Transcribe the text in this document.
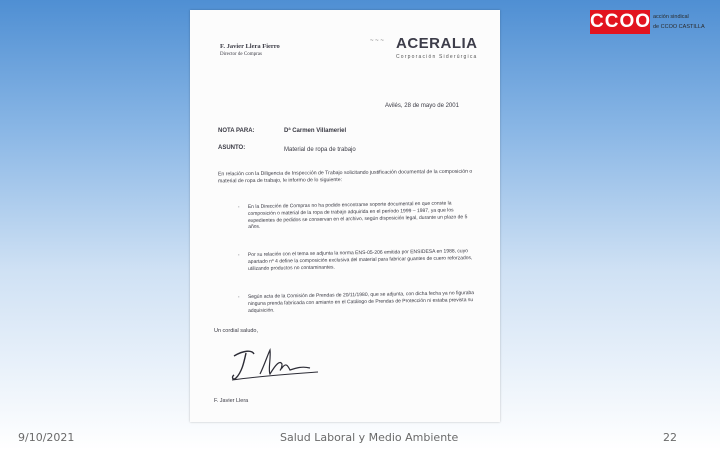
CCOO acción sindical
de CCOO CASTILLA
F. Javier Llera Fierro
Director de Compras
~ ~ ~ ACERALIA
Corporación Siderúrgica
Avilés, 28 de mayo de 2001
NOTA PARA:	Dª Carmen Villameriel
ASUNTO:	Material de ropa de trabajo
En relación con la Diligencia de Inspección de Trabajo solicitando justificación documental de la composición o material de ropa de trabajo, le informo de lo siguiente:
- En la Dirección de Compras no ha podido encontrarse soporte documental en que conste la composición o material de la ropa de trabajo adquirida en el período 1999 – 1987, ya que los expedientes de pedidos se conservan en el archivo, según disposición legal, durante un plazo de 5 años.
- Por su relación con el tema se adjunta la norma ENS-05-206 emitida por ENSIDESA en 1988, cuyo apartado nº 4 define la composición exclusiva del material para fabricar guantes de cuero reforzados, utilizando productos no contaminantes.
- Según acta de la Comisión de Prendas de 20/11/1980, que se adjunta, con dicha fecha ya no figuraba ninguna prenda fabricada con amianto en el Catálogo de Prendas de Protección ni estaba prevista su adquisición.
Un cordial saludo,
F. Javier Llera
9/10/2021	Salud Laboral y Medio Ambiente	22
